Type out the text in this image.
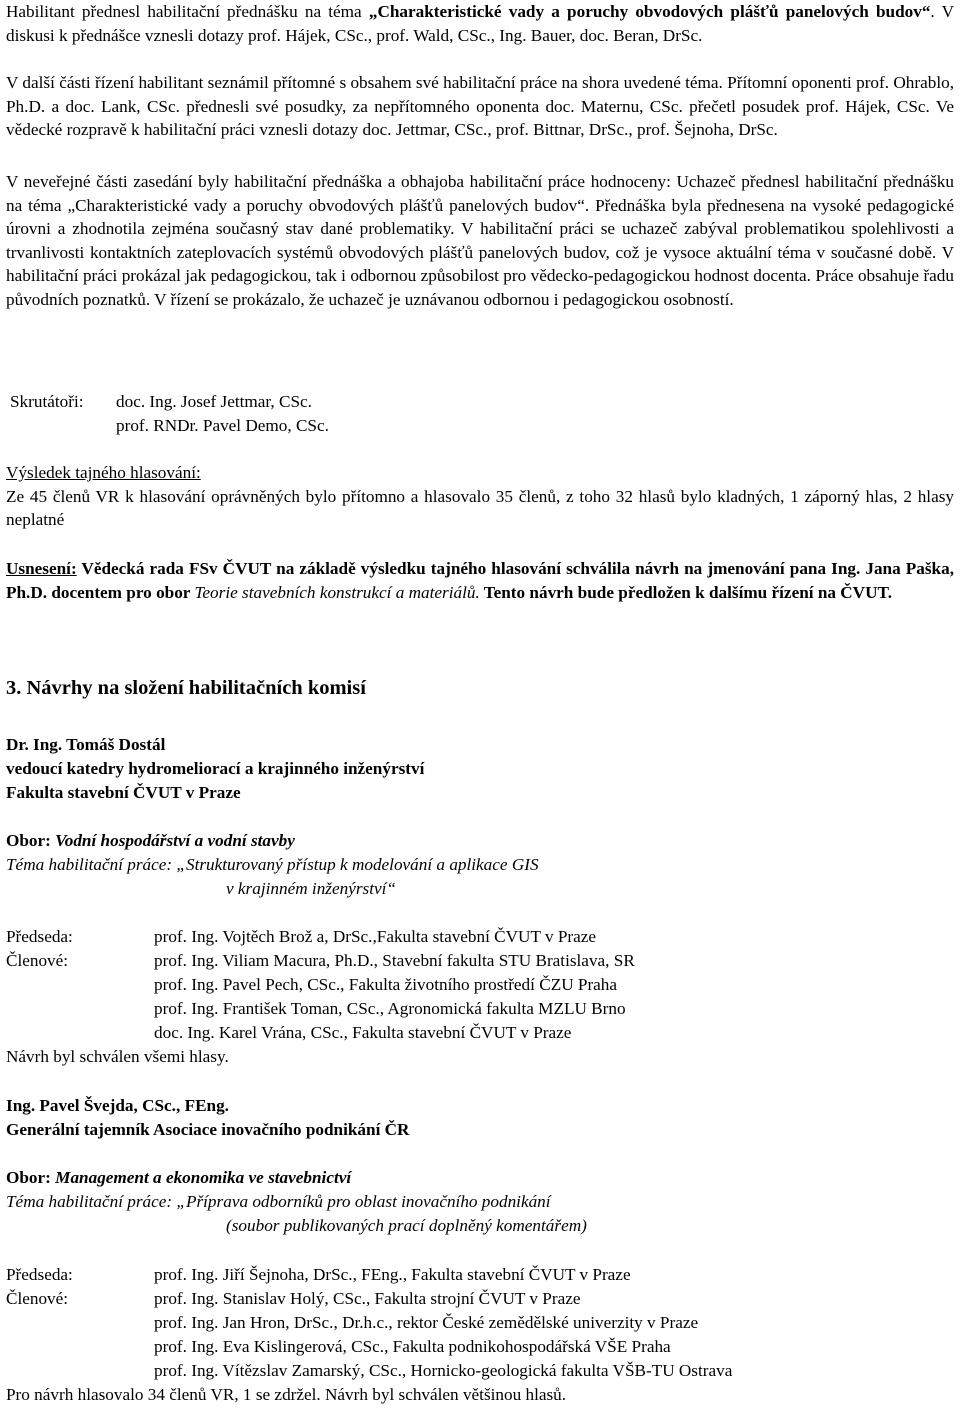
Habilitant přednesl habilitační přednášku na téma „Charakteristické vady a poruchy obvodových plášťů panelových budov“. V diskusi k přednášce vznesli dotazy prof. Hájek, CSc., prof. Wald, CSc., Ing. Bauer, doc. Beran, DrSc.

V další části řízení habilitant seznámil přítomné s obsahem své habilitační práce na shora uvedené téma. Přítomní oponenti prof. Ohrablo, Ph.D. a doc. Lank, CSc. přednesli své posudky, za nepřítomného oponenta doc. Maternu, CSc. přečetl posudek prof. Hájek, CSc. Ve vědecké rozpravě k habilitační práci vznesli dotazy doc. Jettmar, CSc., prof. Bittnar, DrSc., prof. Šejnoha, DrSc.

V neveřejné části zasedání byly habilitační přednáška a obhajoba habilitační práce hodnoceny: Uchazeč přednesl habilitační přednášku na téma „Charakteristické vady a poruchy obvodových plášťů panelových budov“. Přednáška byla přednesena na vysoké pedagogické úrovni a zhodnotila zejména současný stav dané problematiky. V habilitační práci se uchazeč zabýval problematikou spolehlivosti a trvanlivosti kontaktních zateplovacích systémů obvodových plášťů panelových budov, což je vysoce aktuální téma v současné době. V habilitační práci prokázal jak pedagogickou, tak i odbornou způsobilost pro vědecko-pedagogickou hodnost docenta. Práce obsahuje řadu původních poznatků. V řízení se prokázalo, že uchazeč je uznávanou odbornou i pedagogickou osobností.

Skrutátoři: doc. Ing. Josef Jettmar, CSc.
prof. RNDr. Pavel Demo, CSc.

Výsledek tajného hlasování:

Ze 45 členů VR k hlasování oprávněných bylo přítomno a hlasovalo 35 členů, z toho 32 hlasů bylo kladných, 1 záporný hlas, 2 hlasy neplatné

Usnesení: Vědecká rada FSv ČVUT na základě výsledku tajného hlasování schválila návrh na jmenování pana Ing. Jana Paška, Ph.D. docentem pro obor Teorie stavebních konstrukcí a materiálů. Tento návrh bude předložen k dalšímu řízení na ČVUT.

3. Návrhy na složení habilitačních komisí
Dr. Ing. Tomáš Dostál
vedoucí katedry hydromeliorací a krajinného inženýrství
Fakulta stavební ČVUT v Praze
Obor: Vodní hospodářství a vodní stavby
Téma habilitační práce: „Strukturovaný přístup k modelování a aplikace GIS
v krajinném inženýrství“
Předseda:
Členové:
prof. Ing. Vojtěch Brož a, DrSc.,Fakulta stavební ČVUT v Praze
prof. Ing. Viliam Macura, Ph.D., Stavební fakulta STU Bratislava, SR
prof. Ing. Pavel Pech, CSc., Fakulta životního prostředí ČZU Praha
prof. Ing. František Toman, CSc., Agronomická fakulta MZLU Brno
doc. Ing. Karel Vrána, CSc., Fakulta stavební ČVUT v Praze
Návrh byl schválen všemi hlasy.
Ing. Pavel Švejda, CSc., FEng.
Generální tajemník Asociace inovačního podnikání ČR
Obor: Management a ekonomika ve stavebnictví
Téma habilitační práce: „Příprava odborníků pro oblast inovačního podnikání
(soubor publikovaných prací doplněný komentářem)
Předseda:
Členové:
prof. Ing. Jiří Šejnoha, DrSc., FEng., Fakulta stavební ČVUT v Praze
prof. Ing. Stanislav Holý, CSc., Fakulta strojní ČVUT v Praze
prof. Ing. Jan Hron, DrSc., Dr.h.c., rektor České zemědělské univerzity v Praze
prof. Ing. Eva Kislingerová, CSc., Fakulta podnikohospodářská VŠE Praha
prof. Ing. Vítězslav Zamarský, CSc., Hornicko-geologická fakulta VŠB-TU Ostrava
Pro návrh hlasovalo 34 členů VR, 1 se zdržel. Návrh byl schválen většinou hlasů.
